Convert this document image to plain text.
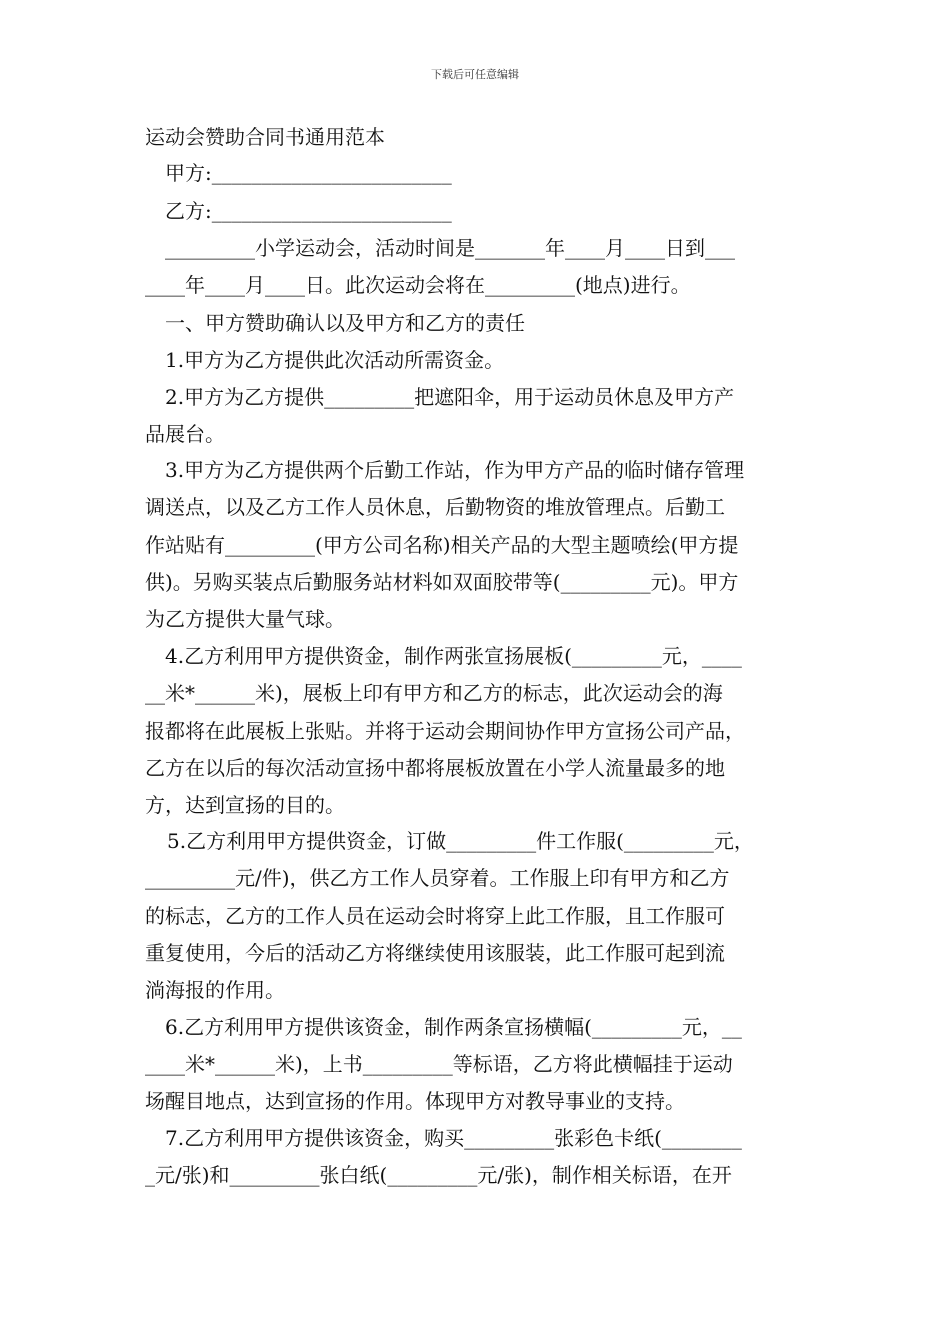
下载后可任意编辑
运动会赞助合同书通用范本
甲方:________________________
乙方:________________________
_________小学运动会，活动时间是_______年____月____日到___
____年____月____日。此次运动会将在_________(地点)进行。
一、甲方赞助确认以及甲方和乙方的责任
1.甲方为乙方提供此次活动所需资金。
2.甲方为乙方提供_________把遮阳伞，用于运动员休息及甲方产
品展台。
3.甲方为乙方提供两个后勤工作站，作为甲方产品的临时储存管理
调送点，以及乙方工作人员休息，后勤物资的堆放管理点。后勤工
作站贴有_________(甲方公司名称)相关产品的大型主题喷绘(甲方提
供)。另购买装点后勤服务站材料如双面胶带等(_________元)。甲方
为乙方提供大量气球。
4.乙方利用甲方提供资金，制作两张宣扬展板(_________元，____
__米*______米)，展板上印有甲方和乙方的标志，此次运动会的海
报都将在此展板上张贴。并将于运动会期间协作甲方宣扬公司产品，
乙方在以后的每次活动宣扬中都将展板放置在小学人流量最多的地
方，达到宣扬的目的。
5.乙方利用甲方提供资金，订做_________件工作服(_________元，
_________元/件)，供乙方工作人员穿着。工作服上印有甲方和乙方
的标志，乙方的工作人员在运动会时将穿上此工作服，且工作服可
重复使用，今后的活动乙方将继续使用该服装，此工作服可起到流
淌海报的作用。
6.乙方利用甲方提供该资金，制作两条宣扬横幅(_________元，__
____米*______米)，上书_________等标语，乙方将此横幅挂于运动
场醒目地点，达到宣扬的作用。体现甲方对教导事业的支持。
7.乙方利用甲方提供该资金，购买_________张彩色卡纸(________
_元/张)和_________张白纸(_________元/张)，制作相关标语，在开
